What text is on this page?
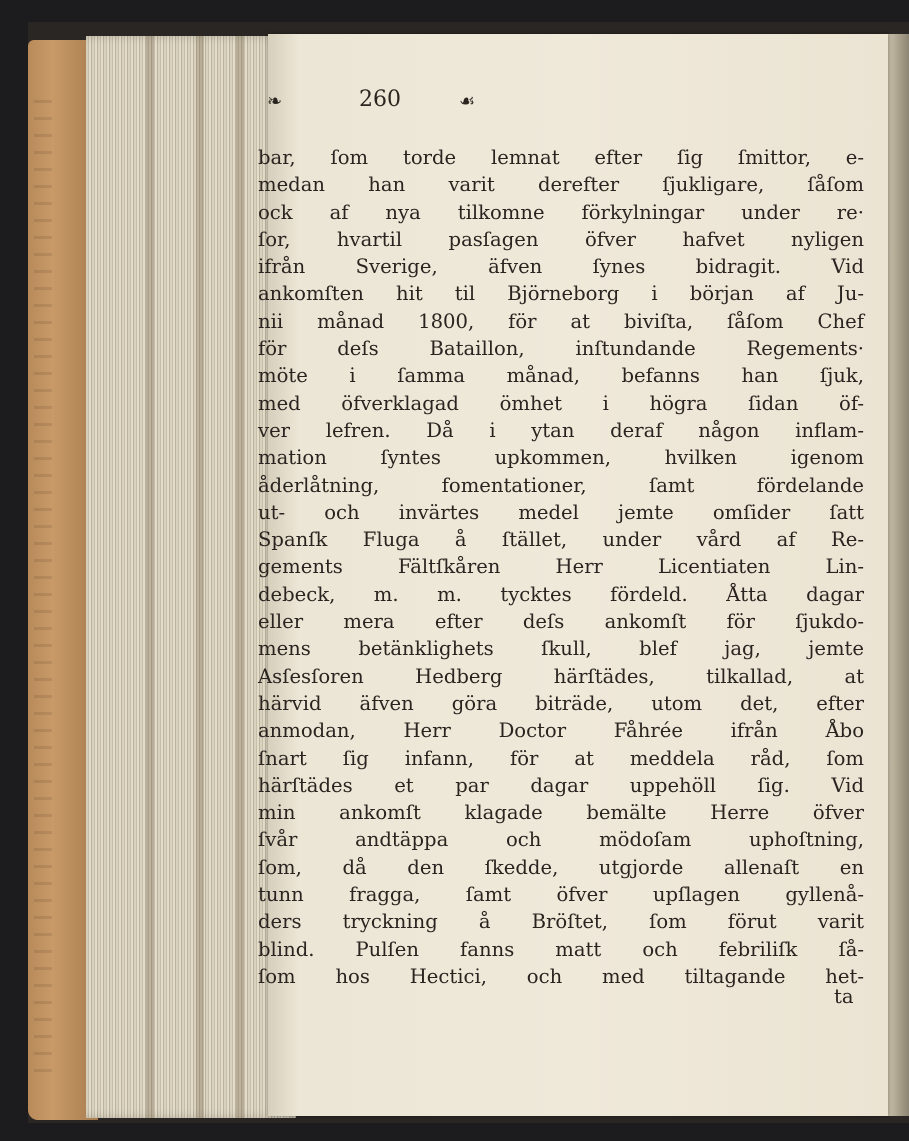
❧	260	☙
bar, ſom torde lemnat efter ſig ſmittor, e-
medan han varit derefter ſjukligare, ſåſom
ock af nya tilkomne förkylningar under re·
ſor, hvartil pasſagen öfver hafvet nyligen
ifrån Sverige, äfven ſynes bidragit. Vid
ankomſten hit til Björneborg i början af Ju-
nii månad 1800, för at biviſta, ſåſom Chef
för deſs Bataillon, inſtundande Regements·
möte i ſamma månad, befanns han ſjuk,
med öfverklagad ömhet i högra ſidan öf-
ver lefren. Då i ytan deraf någon inflam-
mation ſyntes upkommen, hvilken igenom
åderlåtning, fomentationer, ſamt fördelande
ut- och invärtes medel jemte omſider ſatt
Spanſk Fluga å ſtället, under vård af Re-
gements Fältſkåren Herr Licentiaten Lin-
debeck, m. m. tycktes fördeld. Åtta dagar
eller mera efter deſs ankomſt för ſjukdo-
mens betänklighets ſkull, blef jag, jemte
Asſesſoren Hedberg härſtädes, tilkallad, at
härvid äfven göra biträde, utom det, efter
anmodan, Herr Doctor Fåhrée ifrån Åbo
ſnart ſig infann, för at meddela råd, ſom
härſtädes et par dagar uppehöll ſig. Vid
min ankomſt klagade bemälte Herre öfver
ſvår andtäppa och mödoſam uphoſtning,
ſom, då den ſkedde, utgjorde allenaſt en
tunn fragga, ſamt öfver upſlagen gyllenå-
ders tryckning å Bröſtet, ſom förut varit
blind. Pulſen fanns matt och febriliſk ſå-
ſom hos Hectici, och med tiltagande het-
ta
